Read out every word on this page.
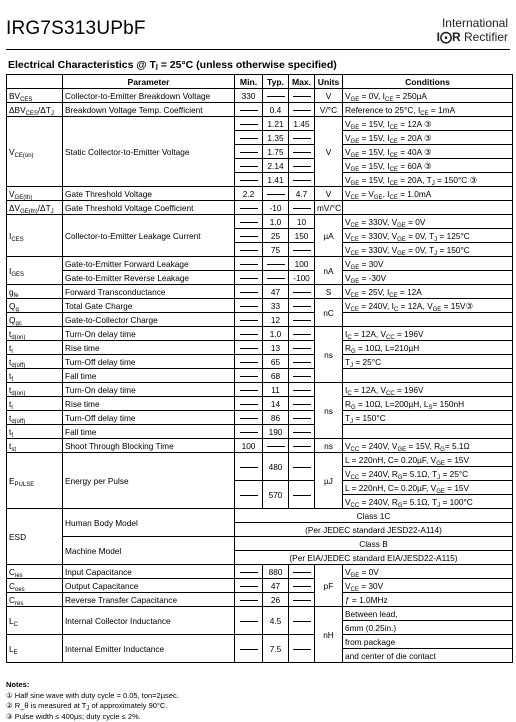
IRG7S313UPbF	International
I⨀R Rectifier
Electrical Characteristics @ Tⱼ = 25°C (unless otherwise specified)
	Parameter	Min.	Typ.	Max.	Units	Conditions
$BV_{CES}$	Collector-to-Emitter Breakdown Voltage	330			V	$V_{GE} = 0V$, $I_{CE} = 250\mu A$
$\Delta BV_{CES}/\Delta T_J$	Breakdown Voltage Temp. Coefficient		0.4		V/°C	Reference to 25°C, $I_{CE} = 1mA$
$V_{CE(on)}$	Static Collector-to-Emitter Voltage		1.21	1.45	V	$V_{GE} = 15V$, $I_{CE} = 12A$ ③
			1.35			$V_{GE} = 15V$, $I_{CE} = 20A$ ③
			1.75			$V_{GE} = 15V$, $I_{CE} = 40A$ ③
			2.14			$V_{GE} = 15V$, $I_{CE} = 60A$ ③
			1.41			$V_{GE} = 15V$, $I_{CE} = 20A$, $T_J = 150^\circ C$ ③
$V_{GE(th)}$	Gate Threshold Voltage	2.2		4.7	V	$V_{CE} = V_{GE}$, $I_{CE} = 1.0mA$
$\Delta V_{GE(th)}/\Delta T_J$	Gate Threshold Voltage Coefficient		-10		mV/°C	
$I_{CES}$	Collector-to-Emitter Leakage Current		1.0	10	µA	$V_{CE} = 330V$, $V_{GE} = 0V$
			25	150		$V_{CE} = 330V$, $V_{GE} = 0V$, $T_J = 125^\circ C$
			75			$V_{CE} = 330V$, $V_{GE} = 0V$, $T_J = 150^\circ C$
$I_{GES}$	Gate-to-Emitter Forward Leakage			100	nA	$V_{GE} = 30V$
	Gate-to-Emitter Reverse Leakage			-100		$V_{GE} = -30V$
$g_{fe}$	Forward Transconductance		47		S	$V_{CE} = 25V$, $I_{CE} = 12A$
$Q_g$	Total Gate Charge		33		nC	$V_{CE} = 240V$, $I_C = 12A$, $V_{GE}$ = 15V③
$Q_{gc}$	Gate-to-Collector Charge		12			
$t_{d(on)}$	Turn-On delay time		1.0		ns	$I_C = 12A$, $V_{CC} = 196V$
$t_r$	Rise time		13			$R_G = 10\Omega$, L=210µH
$t_{d(off)}$	Turn-Off delay time		65			$T_J = 25^\circ C$
$t_f$	Fall time		68			
$t_{d(on)}$	Turn-On delay time		11		ns	$I_C = 12A$, $V_{CC} = 196V$
$t_r$	Rise time		14			$R_G = 10\Omega$, L=200µH, $L_S= 150nH$
$t_{d(off)}$	Turn-Off delay time		86			$T_J = 150^\circ C$
$t_f$	Fall time		190			
$t_{st}$	Shoot Through Blocking Time	100			ns	$V_{CC} = 240V$, $V_{GE} = 15V$, $R_G= 5.1\Omega$
$E_{PULSE}$	Energy per Pulse		480		µJ	L = 220nH, C= 0.20µF, $V_{GE} = 15V$
						$V_{CC} = 240V$, $R_G= 5.1\Omega$, $T_J = 25^\circ C$
			570			L = 220nH, C= 0.20µF, $V_{GE} = 15V$
						$V_{CC} = 240V$, $R_G= 5.1\Omega$, $T_J = 100^\circ C$
ESD	Human Body Model	Class 1C				
		(Per JEDEC standard JESD22-A114)				
	Machine Model	Class B				
		(Per EIA/JEDEC standard EIA/JESD22-A115)				
$C_{ies}$	Input Capacitance		880		pF	$V_{GE} = 0V$
$C_{oes}$	Output Capacitance		47			$V_{CE} = 30V$
$C_{res}$	Reverse Transfer Capacitance		26			ƒ = 1.0MHz
$L_C$	Internal Collector Inductance		4.5		nH	Between lead,
						6mm (0.25in.)
$L_E$	Internal Emitter Inductance		7.5			from package
						and center of die contact
Notes:
① Half sine wave with duty cycle = 0.05, ton=2µsec.
② R_θ is measured at $T_J$ of approximately 90°C.
③ Pulse width ≤ 400µs; duty cycle ≤ 2%.
